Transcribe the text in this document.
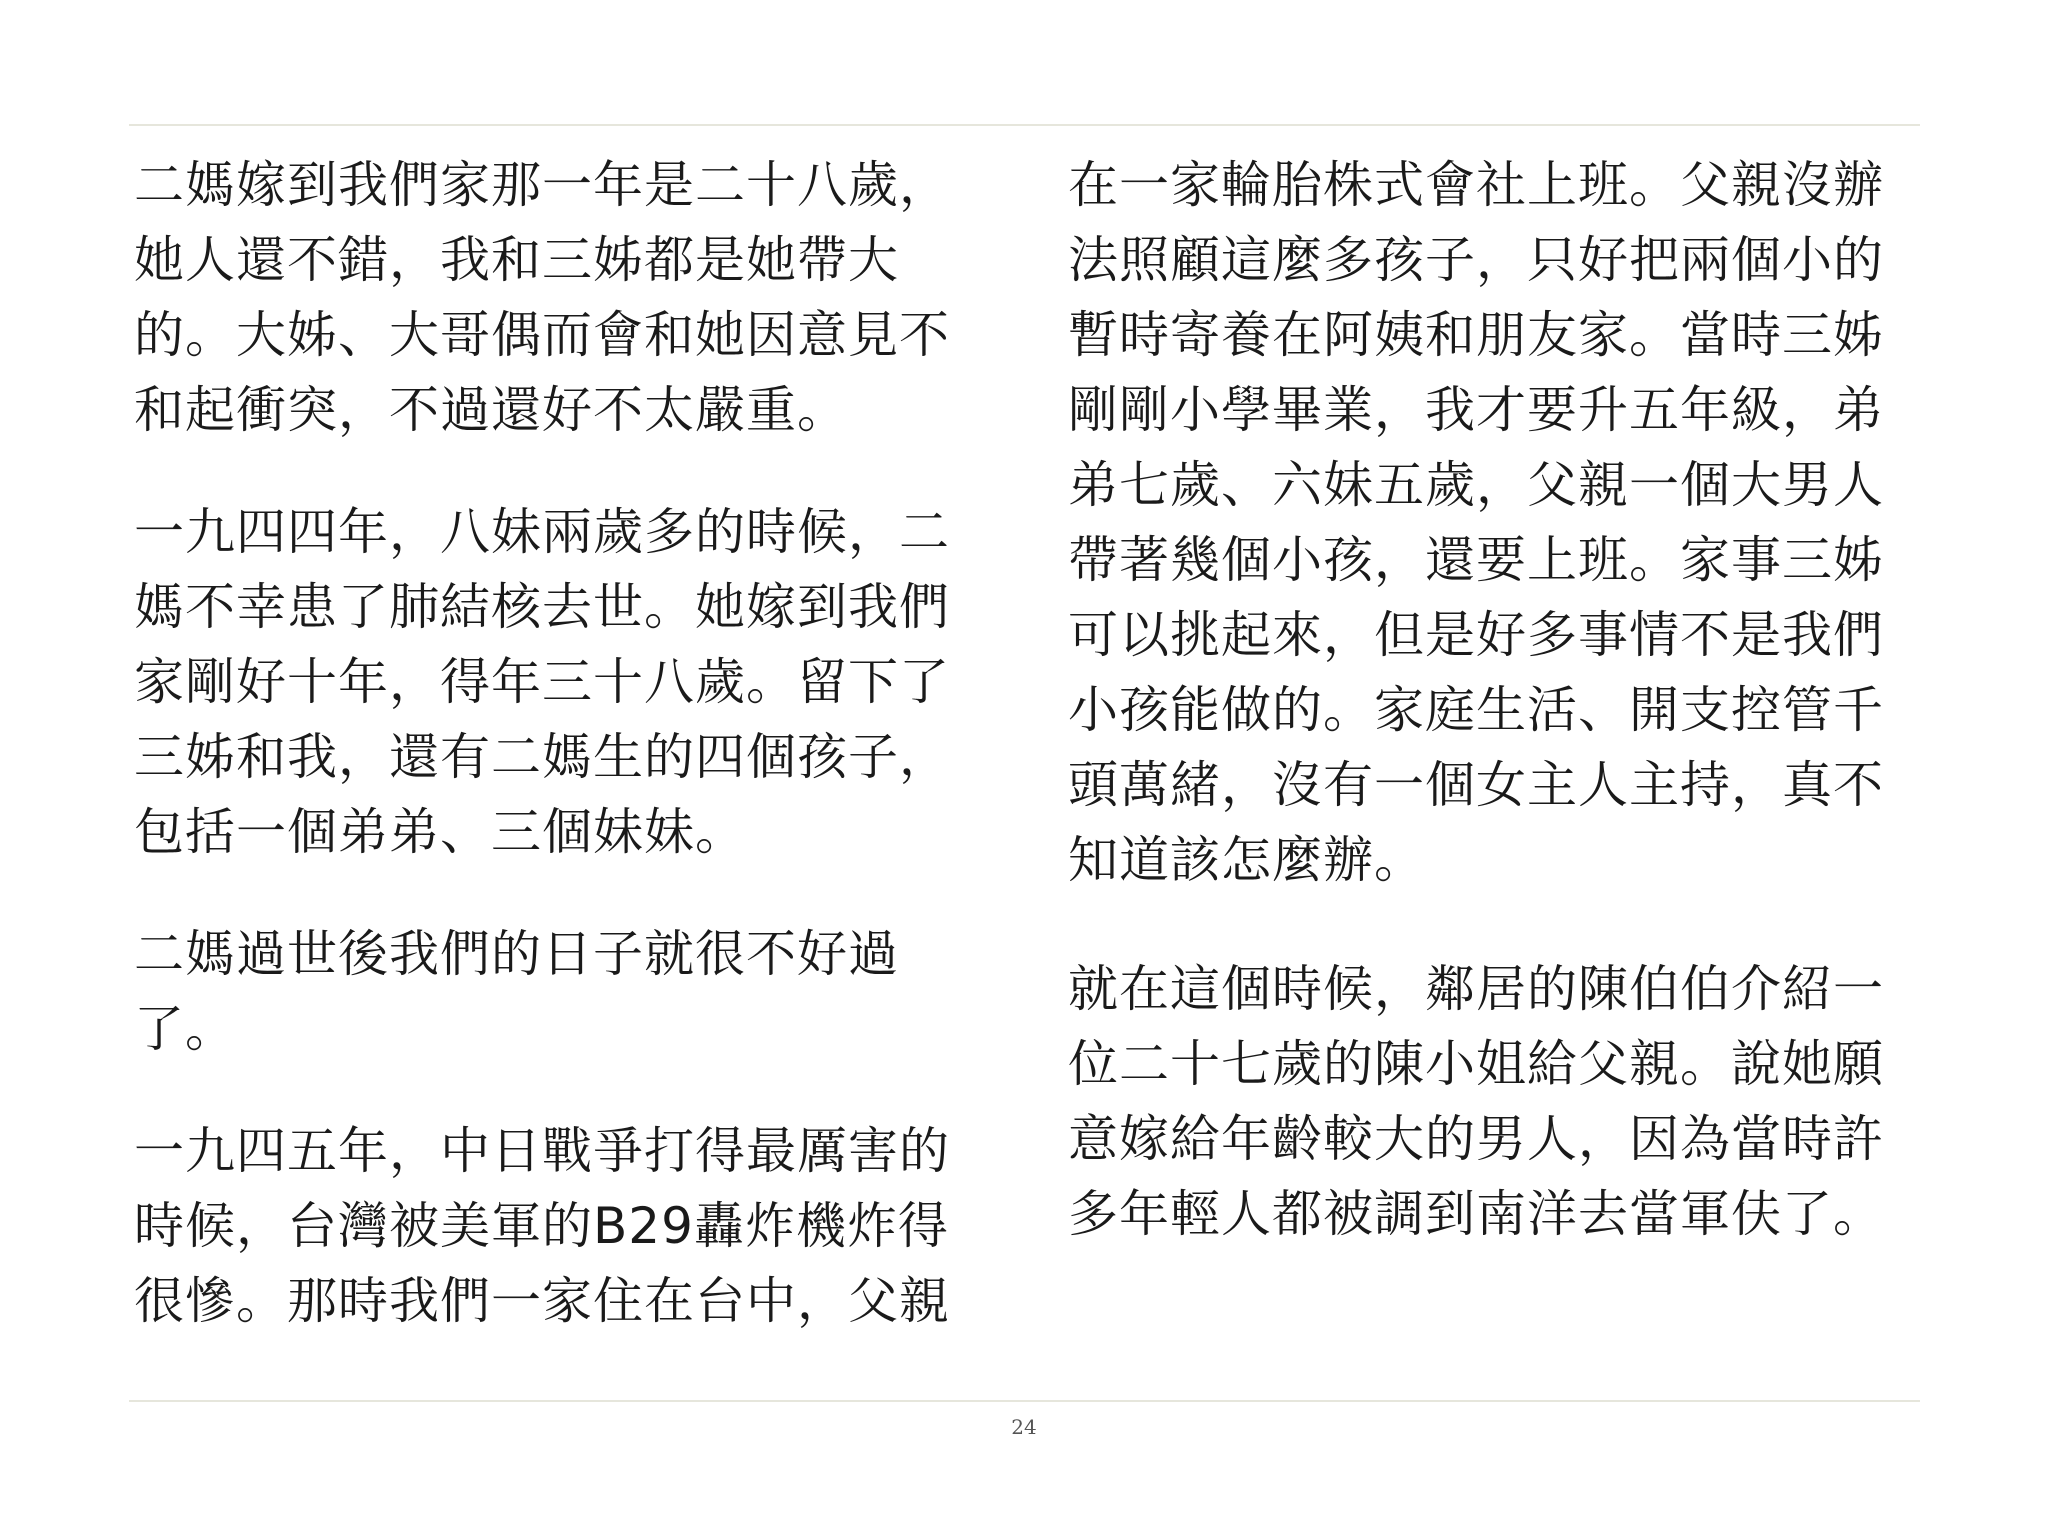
二媽嫁到我們家那一年是二十八歲，
她人還不錯，我和三姊都是她帶大
的。大姊、大哥偶而會和她因意見不
和起衝突，不過還好不太嚴重。

一九四四年，八妹兩歲多的時候，二
媽不幸患了肺結核去世。她嫁到我們
家剛好十年，得年三十八歲。留下了
三姊和我，還有二媽生的四個孩子，
包括一個弟弟、三個妹妹。

二媽過世後我們的日子就很不好過
了。

一九四五年，中日戰爭打得最厲害的
時候，台灣被美軍的B29轟炸機炸得
很慘。那時我們一家住在台中，父親

在一家輪胎株式會社上班。父親沒辦
法照顧這麼多孩子，只好把兩個小的
暫時寄養在阿姨和朋友家。當時三姊
剛剛小學畢業，我才要升五年級，弟
弟七歲、六妹五歲，父親一個大男人
帶著幾個小孩，還要上班。家事三姊
可以挑起來，但是好多事情不是我們
小孩能做的。家庭生活、開支控管千
頭萬緒，沒有一個女主人主持，真不
知道該怎麼辦。

就在這個時候，鄰居的陳伯伯介紹一
位二十七歲的陳小姐給父親。說她願
意嫁給年齡較大的男人，因為當時許
多年輕人都被調到南洋去當軍伕了。

24
